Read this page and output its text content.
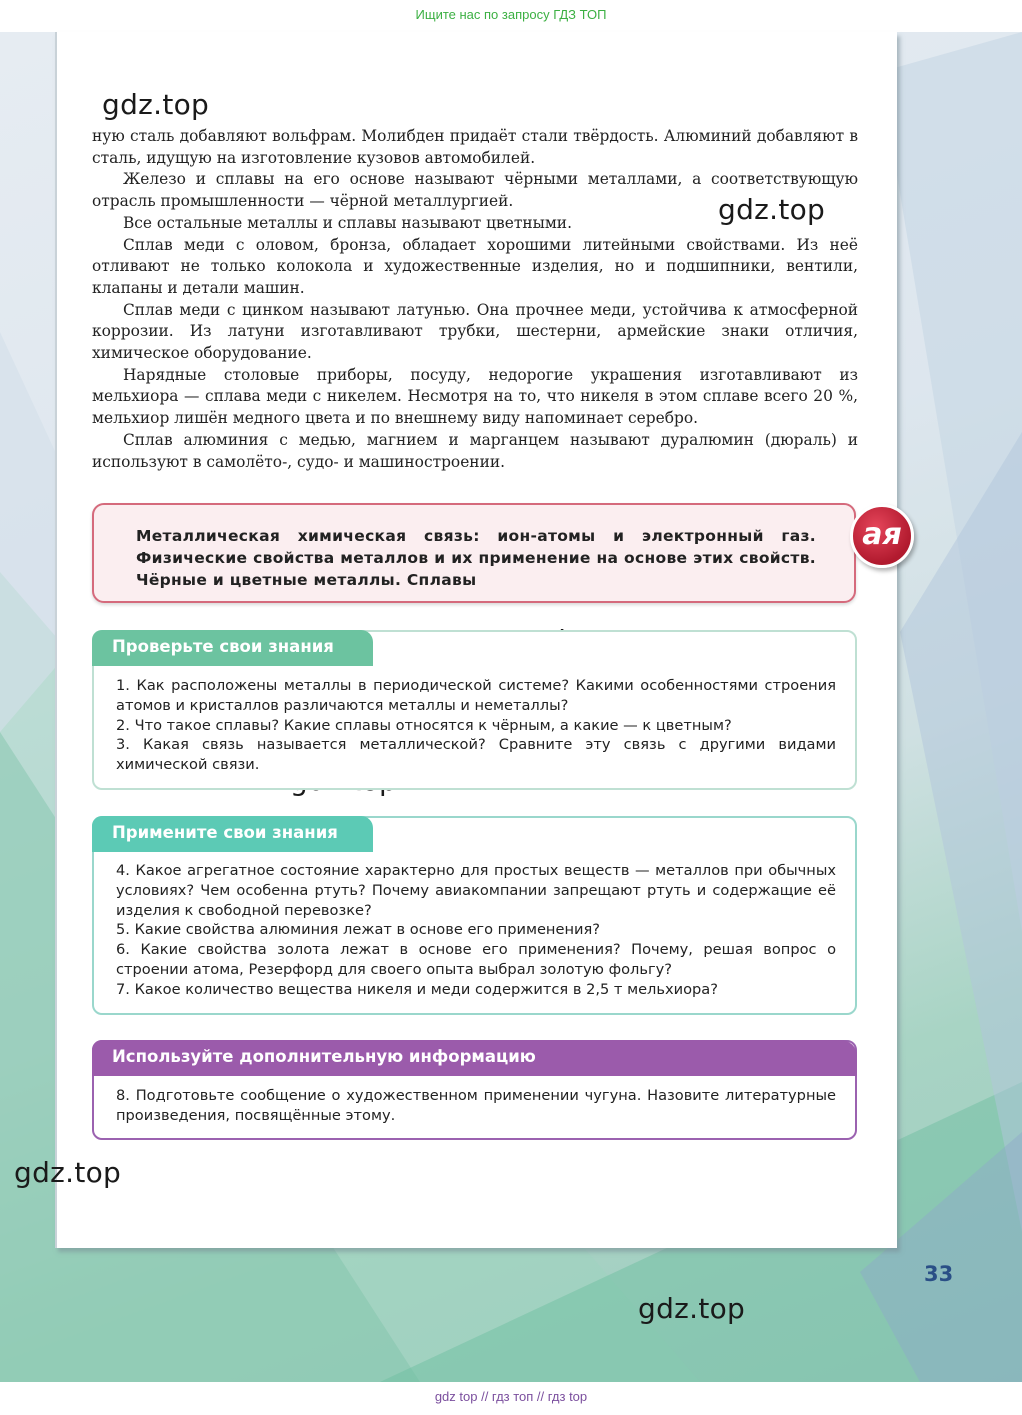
Ищите нас по запросу ГДЗ ТОП
gdz.top
gdz.top
gdz.top
gdz.top

ную сталь добавляют вольфрам. Молибден придаёт стали твёрдость. Алюминий добавляют в сталь, идущую на изготовление кузовов автомобилей.

Железо и сплавы на его основе называют чёрными металлами, а соответствующую отрасль промышленности — чёрной металлургией.

Все остальные металлы и сплавы называют цветными.

Сплав меди с оловом, бронза, обладает хорошими литейными свойствами. Из неё отливают не только колокола и художественные изделия, но и подшипники, вентили, клапаны и детали машин.

Сплав меди с цинком называют латунью. Она прочнее меди, устойчива к атмосферной коррозии. Из латуни изготавливают трубки, шестерни, армейские знаки отличия, химическое оборудование.

Нарядные столовые приборы, посуду, недорогие украшения изготавливают из мельхиора — сплава меди с никелем. Несмотря на то, что никеля в этом сплаве всего 20 %, мельхиор лишён медного цвета и по внешнему виду напоминает серебро.

Сплав алюминия с медью, магнием и марганцем называют дуралюмин (дюраль) и используют в самолёто-, судо- и машиностроении.

Металлическая химическая связь: ион-атомы и электронный газ. Физические свойства металлов и их применение на основе этих свойств. Чёрные и цветные металлы. Сплавы
ая
Проверьте свои знания

1. Как расположены металлы в периодической системе? Какими особенностями строения атомов и кристаллов различаются металлы и неметаллы?

2. Что такое сплавы? Какие сплавы относятся к чёрным, а какие — к цветным?

3. Какая связь называется металлической? Сравните эту связь с другими видами химической связи.

Примените свои знания

4. Какое агрегатное состояние характерно для простых веществ — металлов при обычных условиях? Чем особенна ртуть? Почему авиакомпании запрещают ртуть и содержащие её изделия к свободной перевозке?

5. Какие свойства алюминия лежат в основе его применения?

6. Какие свойства золота лежат в основе его применения? Почему, решая вопрос о строении атома, Резерфорд для своего опыта выбрал золотую фольгу?

7. Какое количество вещества никеля и меди содержится в 2,5 т мельхиора?

Используйте дополнительную информацию

8. Подготовьте сообщение о художественном применении чугуна. Назовите литературные произведения, посвящённые этому.

33
gdz top // гдз топ // гдз top
